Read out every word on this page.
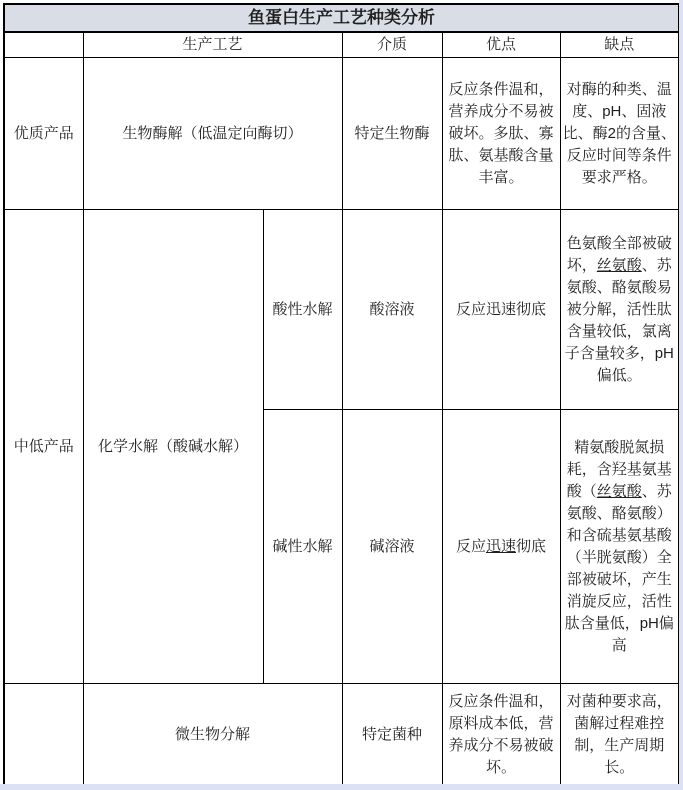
鱼蛋白生产工艺种类分析					
	生产工艺		介质	优点	缺点
优质产品	生物酶解（低温定向酶切）		特定生物酶	反应条件温和，营养成分不易被破坏。多肽、寡肽、氨基酸含量丰富。	对酶的种类、温度、pH、固液比、酶2的含量、反应时间等条件要求严格。
中低产品	化学水解（酸碱水解）	酸性水解	酸溶液	反应迅速彻底	色氨酸全部被破坏，丝氨酸、苏氨酸、酪氨酸易被分解，活性肽含量较低，氯离子含量较多，pH偏低。
		碱性水解	碱溶液	反应迅速彻底	精氨酸脱氮损耗，含羟基氨基酸（丝氨酸、苏氨酸、酪氨酸）和含硫基氨基酸（半胱氨酸）全部被破坏，产生消旋反应，活性肽含量低，pH偏高
	微生物分解		特定菌种	反应条件温和，原料成本低，营养成分不易被破坏。	对菌种要求高，菌解过程难控制，生产周期长。
